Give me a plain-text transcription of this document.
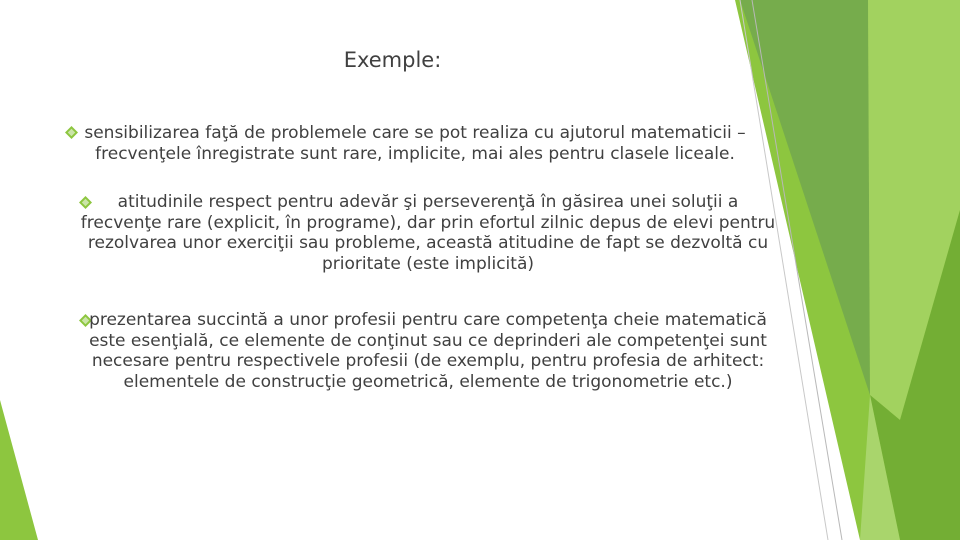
Exemple:
sensibilizarea faţă de problemele care se pot realiza cu ajutorul matematicii – frecvenţele înregistrate sunt rare, implicite, mai ales pentru clasele liceale.
atitudinile respect pentru adevăr şi perseverenţă în găsirea unei soluţii a frecvenţe rare (explicit, în programe), dar prin efortul zilnic depus de elevi pentru rezolvarea unor exerciţii sau probleme, această atitudine de fapt se dezvoltă cu prioritate (este implicită)
prezentarea succintă a unor profesii pentru care competenţa cheie matematică este esenţială, ce elemente de conţinut sau ce deprinderi ale competenţei sunt necesare pentru respectivele profesii (de exemplu, pentru profesia de arhitect: elementele de construcţie geometrică, elemente de trigonometrie etc.)
